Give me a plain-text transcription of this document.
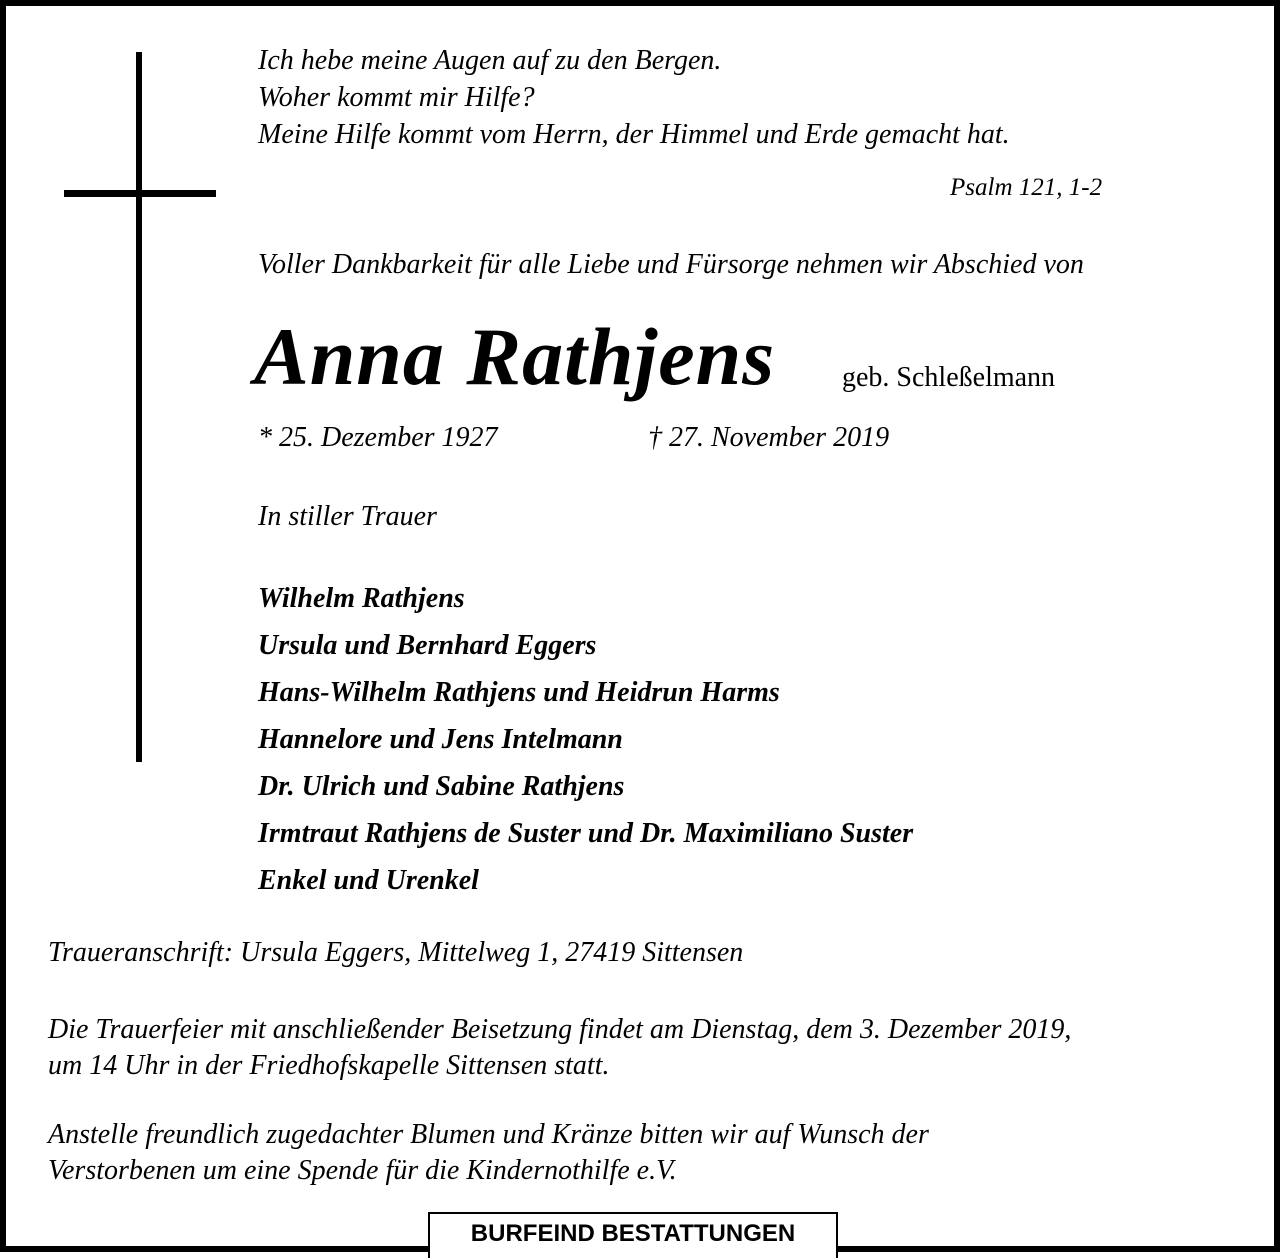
Ich hebe meine Augen auf zu den Bergen.
Woher kommt mir Hilfe?
Meine Hilfe kommt vom Herrn, der Himmel und Erde gemacht hat.

Psalm 121, 1-2
Voller Dankbarkeit für alle Liebe und Fürsorge nehmen wir Abschied von
Anna Rathjens geb. Schleßelmann
* 25. Dezember 1927	† 27. November 2019
In stiller Trauer
Wilhelm Rathjens
Ursula und Bernhard Eggers
Hans-Wilhelm Rathjens und Heidrun Harms
Hannelore und Jens Intelmann
Dr. Ulrich und Sabine Rathjens
Irmtraut Rathjens de Suster und Dr. Maximiliano Suster
Enkel und Urenkel
Traueranschrift: Ursula Eggers, Mittelweg 1, 27419 Sittensen

Die Trauerfeier mit anschließender Beisetzung findet am Dienstag, dem 3. Dezember 2019,
um 14 Uhr in der Friedhofskapelle Sittensen statt.

Anstelle freundlich zugedachter Blumen und Kränze bitten wir auf Wunsch der
Verstorbenen um eine Spende für die Kindernothilfe e.V.

BURFEIND BESTATTUNGEN
